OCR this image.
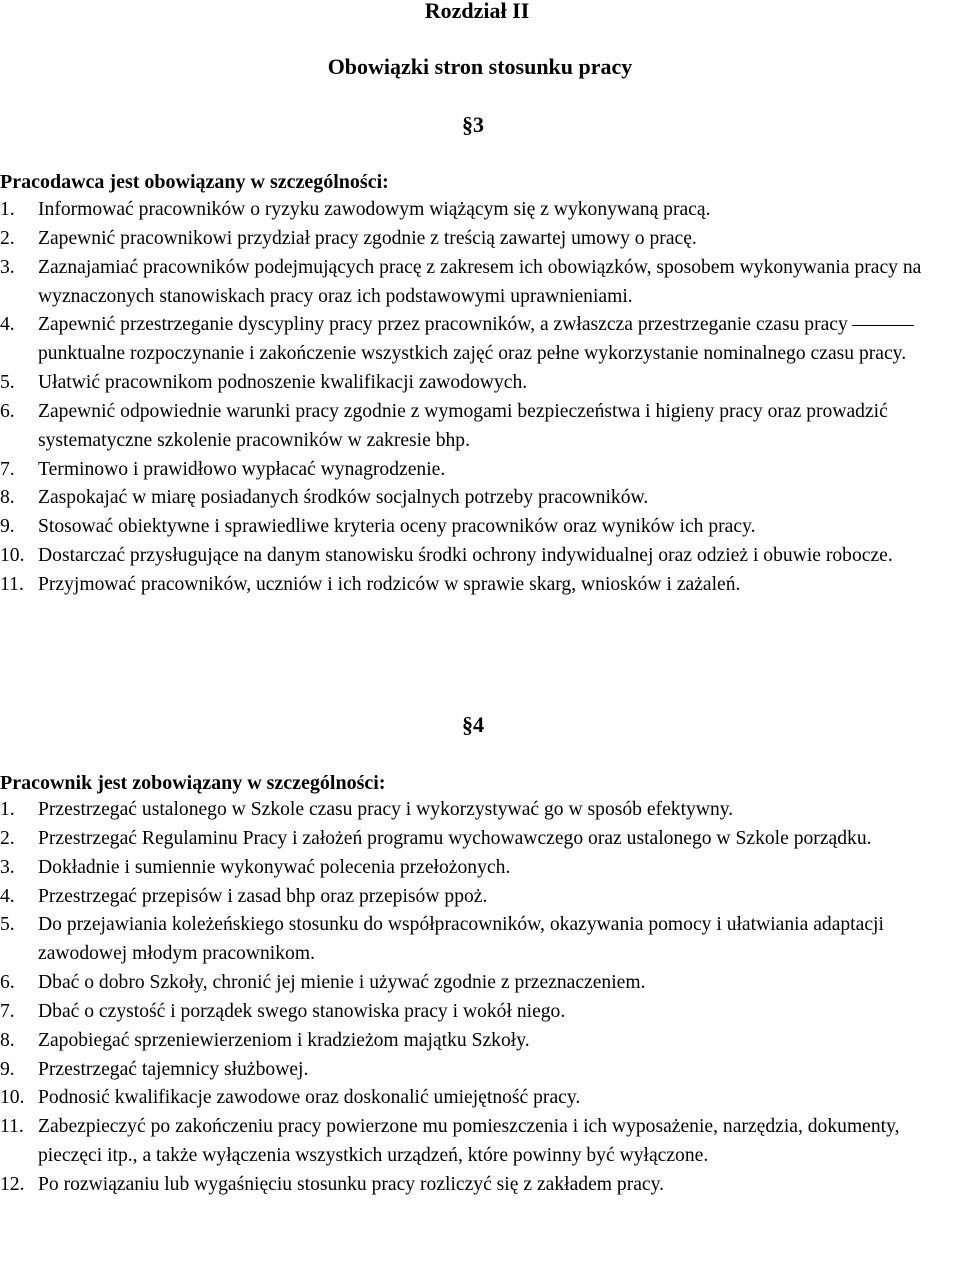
Rozdział II
Obowiązki stron stosunku pracy
§3
Pracodawca jest obowiązany w szczególności:
1. Informować pracowników o ryzyku zawodowym wiążącym się z wykonywaną pracą.
2. Zapewnić pracownikowi przydział pracy zgodnie z treścią zawartej umowy o pracę.
3. Zaznajamiać pracowników podejmujących pracę z zakresem ich obowiązków, sposobem wykonywania pracy na wyznaczonych stanowiskach pracy oraz ich podstawowymi uprawnieniami.
4. Zapewnić przestrzeganie dyscypliny pracy przez pracowników, a zwłaszcza przestrzeganie czasu pracypunktualne rozpoczynanie i zakończenie wszystkich zajęć oraz pełne wykorzystanie nominalnego czasu pracy.
5. Ułatwić pracownikom podnoszenie kwalifikacji zawodowych.
6. Zapewnić odpowiednie warunki pracy zgodnie z wymogami bezpieczeństwa i higieny pracy oraz prowadzić systematyczne szkolenie pracowników w zakresie bhp.
7. Terminowo i prawidłowo wypłacać wynagrodzenie.
8. Zaspokajać w miarę posiadanych środków socjalnych potrzeby pracowników.
9. Stosować obiektywne i sprawiedliwe kryteria oceny pracowników oraz wyników ich pracy.
10. Dostarczać przysługujące na danym stanowisku środki ochrony indywidualnej oraz odzież i obuwie robocze.
11. Przyjmować pracowników, uczniów i ich rodziców w sprawie skarg, wniosków i zażaleń.
§4
Pracownik jest zobowiązany w szczególności:
1. Przestrzegać ustalonego w Szkole czasu pracy i wykorzystywać go w sposób efektywny.
2. Przestrzegać Regulaminu Pracy i założeń programu wychowawczego oraz ustalonego w Szkole porządku.
3. Dokładnie i sumiennie wykonywać polecenia przełożonych.
4. Przestrzegać przepisów i zasad bhp oraz przepisów ppoż.
5. Do przejawiania koleżeńskiego stosunku do współpracowników, okazywania pomocy i ułatwiania adaptacji zawodowej młodym pracownikom.
6. Dbać o dobro Szkoły, chronić jej mienie i używać zgodnie z przeznaczeniem.
7. Dbać o czystość i porządek swego stanowiska pracy i wokół niego.
8. Zapobiegać sprzeniewierzeniom i kradzieżom majątku Szkoły.
9. Przestrzegać tajemnicy służbowej.
10. Podnosić kwalifikacje zawodowe oraz doskonalić umiejętność pracy.
11. Zabezpieczyć po zakończeniu pracy powierzone mu pomieszczenia i ich wyposażenie, narzędzia, dokumenty, pieczęci itp., a także wyłączenia wszystkich urządzeń, które powinny być wyłączone.
12. Po rozwiązaniu lub wygaśnięciu stosunku pracy rozliczyć się z zakładem pracy.
